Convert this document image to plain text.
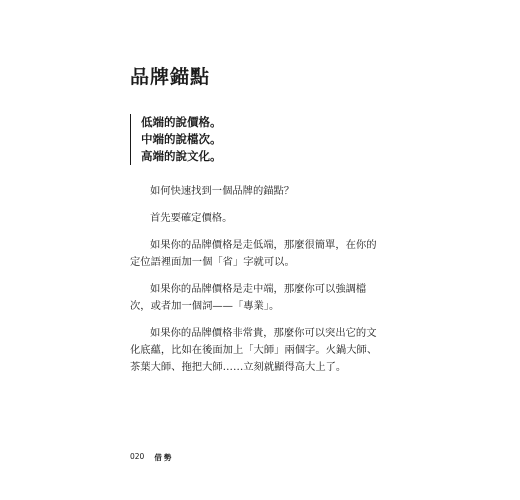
品牌錨點
低端的說價格。
中端的說檔次。
高端的說文化。

如何快速找到一個品牌的錨點？

首先要確定價格。

如果你的品牌價格是走低端，那麼很簡單，在你的定位語裡面加一個「省」字就可以。

如果你的品牌價格是走中端，那麼你可以強調檔次，或者加一個詞——「專業」。

如果你的品牌價格非常貴，那麼你可以突出它的文化底蘊，比如在後面加上「大師」兩個字。火鍋大師、茶葉大師、拖把大師……立刻就顯得高大上了。

020 借勢
